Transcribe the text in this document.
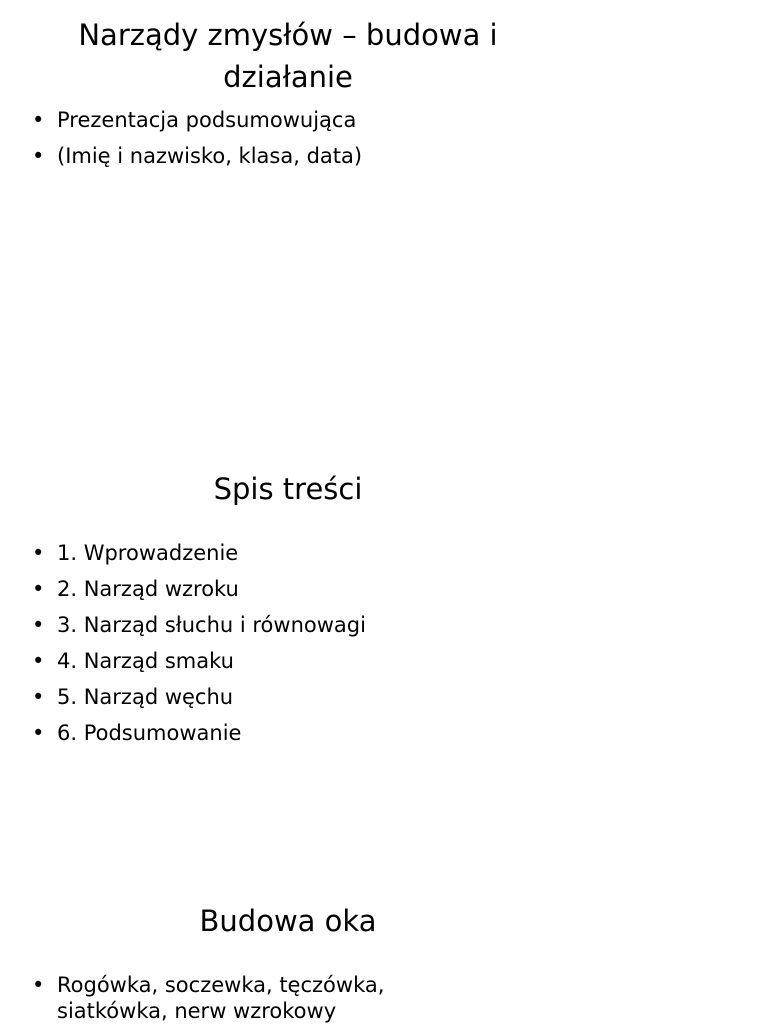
Narządy zmysłów – budowa i działanie
• Prezentacja podsumowująca
• (Imię i nazwisko, klasa, data)
Spis treści
• 1. Wprowadzenie
• 2. Narząd wzroku
• 3. Narząd słuchu i równowagi
• 4. Narząd smaku
• 5. Narząd węchu
• 6. Podsumowanie
Budowa oka
• Rogówka, soczewka, tęczówka, siatkówka, nerw wzrokowy
